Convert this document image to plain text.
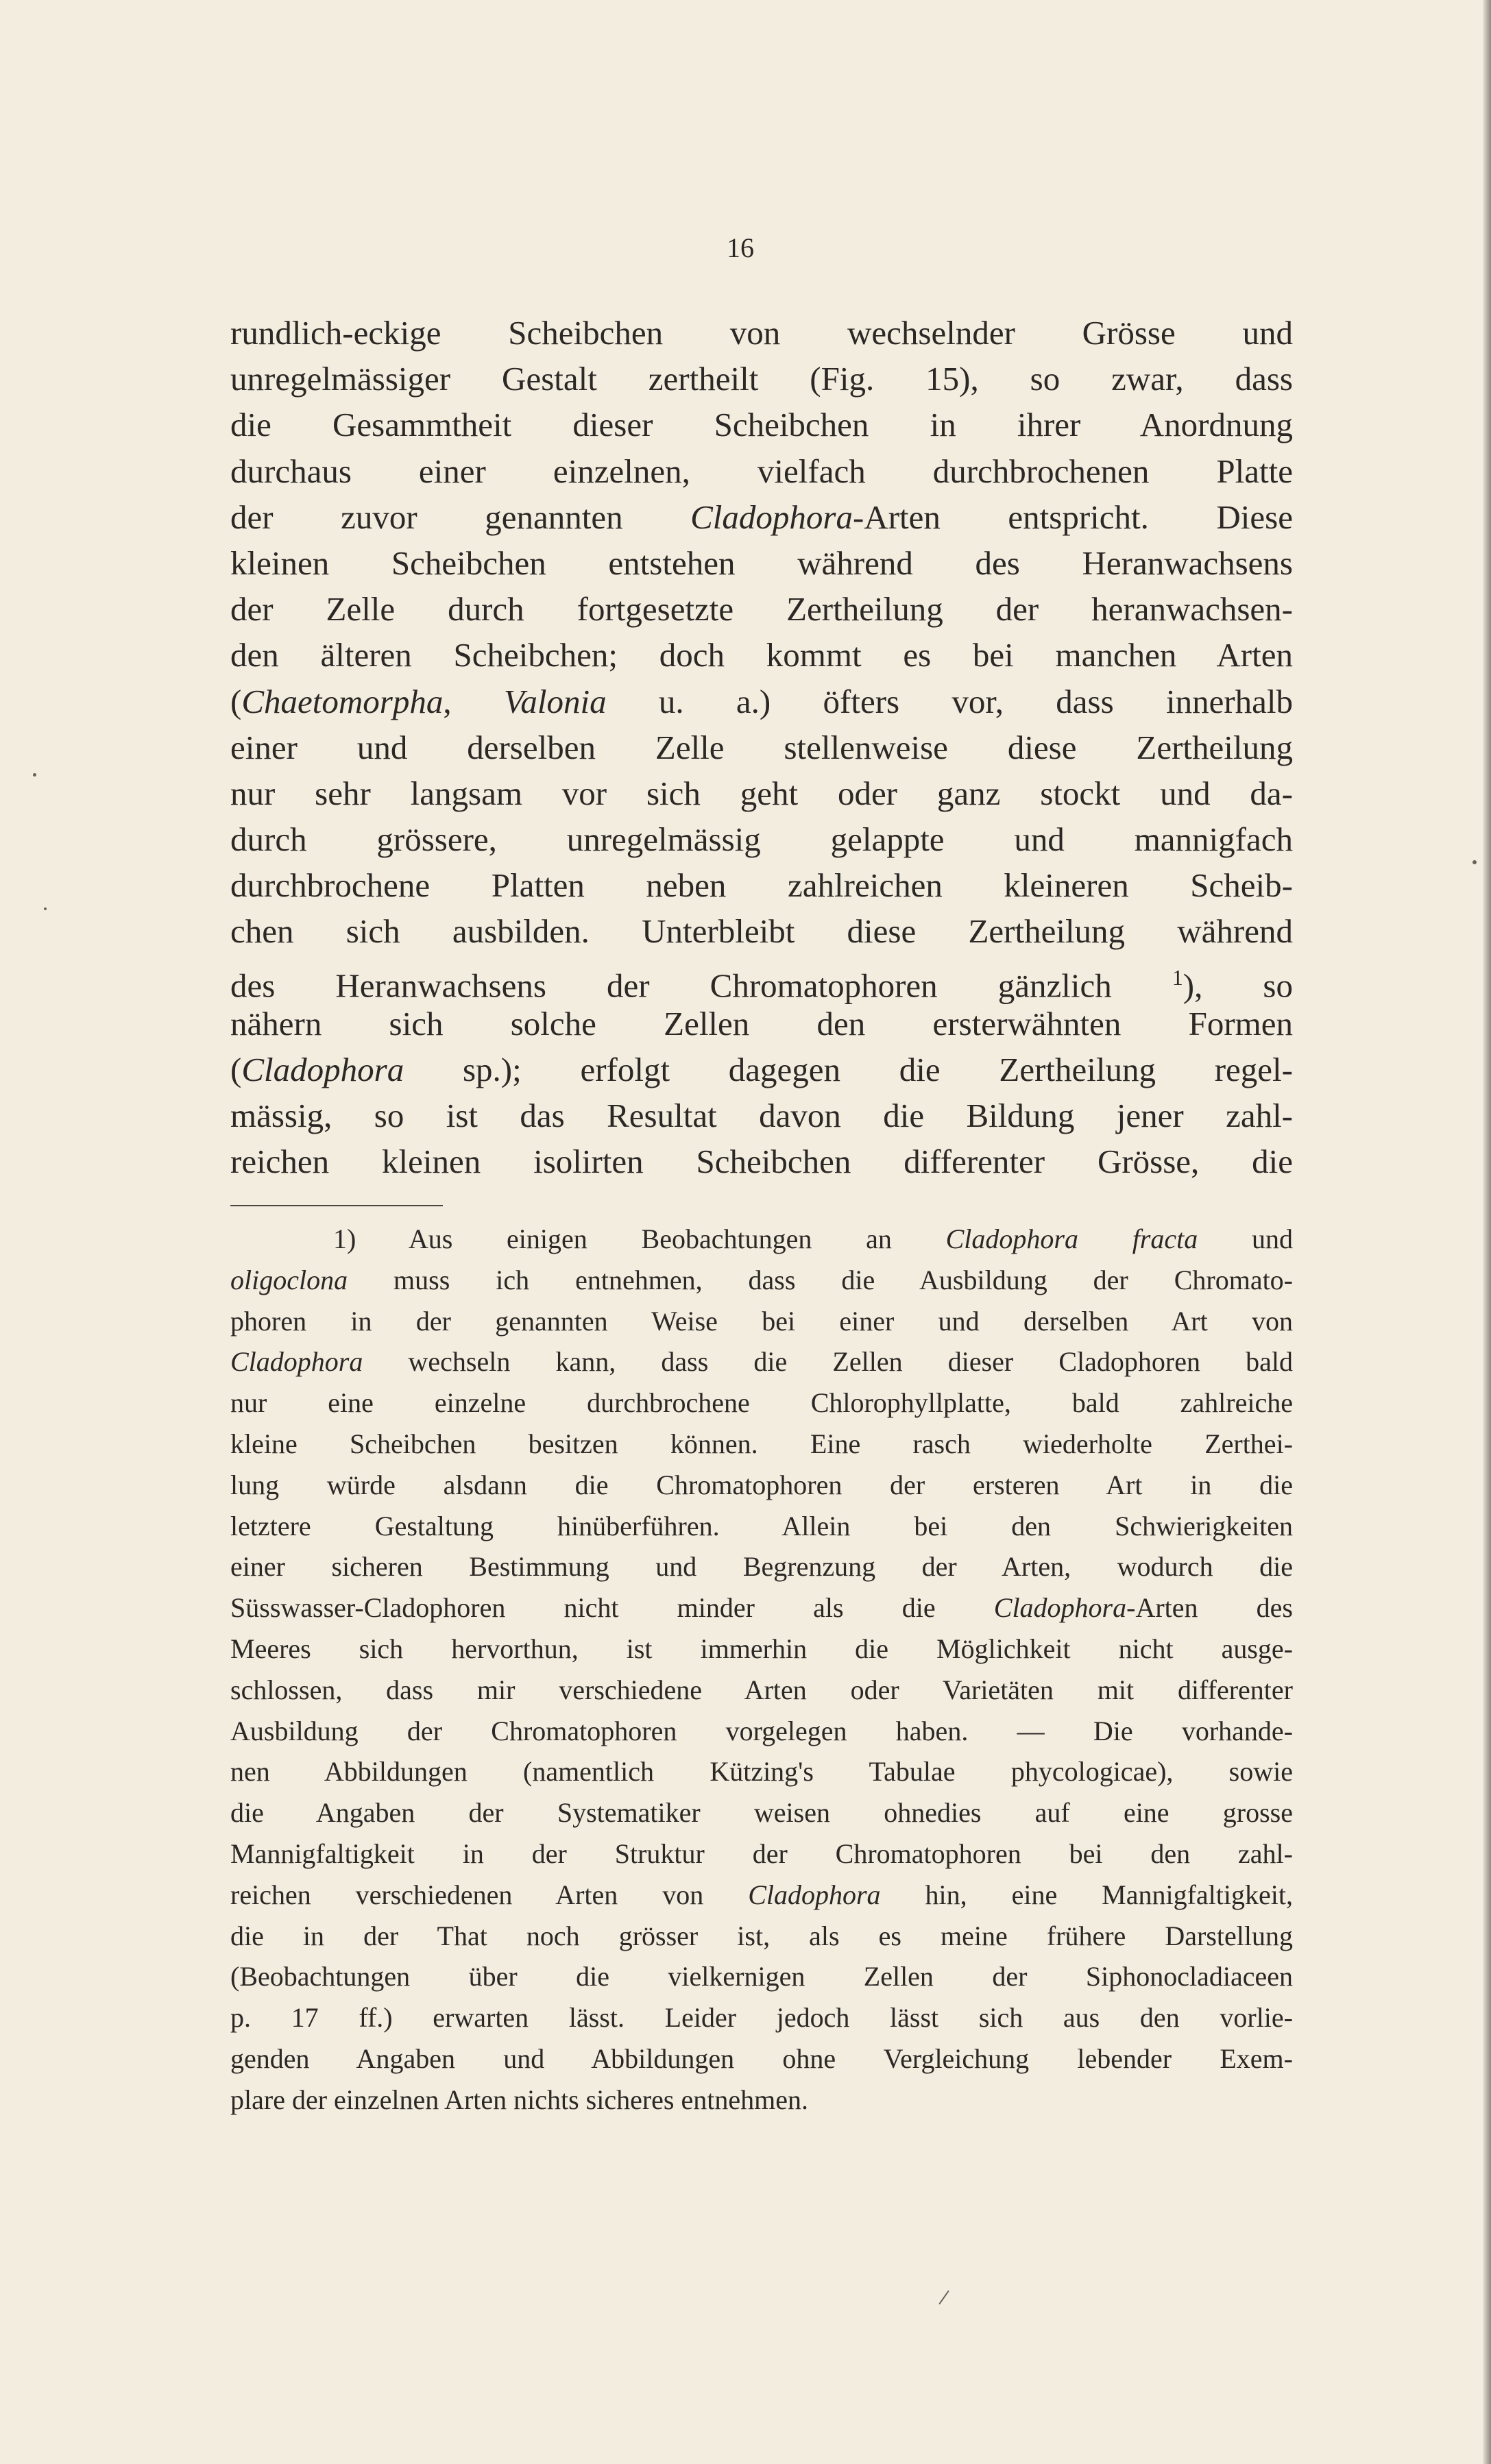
16
rundlich-eckige Scheibchen von wechselnder Grösse und
unregelmässiger Gestalt zertheilt (Fig. 15), so zwar, dass
die Gesammtheit dieser Scheibchen in ihrer Anordnung
durchaus einer einzelnen, vielfach durchbrochenen Platte
der zuvor genannten Cladophora-Arten entspricht. Diese
kleinen Scheibchen entstehen während des Heranwachsens
der Zelle durch fortgesetzte Zertheilung der heranwachsen-
den älteren Scheibchen; doch kommt es bei manchen Arten
(Chaetomorpha, Valonia u. a.) öfters vor, dass innerhalb
einer und derselben Zelle stellenweise diese Zertheilung
nur sehr langsam vor sich geht oder ganz stockt und da-
durch grössere, unregelmässig gelappte und mannigfach
durchbrochene Platten neben zahlreichen kleineren Scheib-
chen sich ausbilden. Unterbleibt diese Zertheilung während
des Heranwachsens der Chromatophoren gänzlich $^1$), so
nähern sich solche Zellen den ersterwähnten Formen
(Cladophora sp.); erfolgt dagegen die Zertheilung regel-
mässig, so ist das Resultat davon die Bildung jener zahl-
reichen kleinen isolirten Scheibchen differenter Grösse, die
1) Aus einigen Beobachtungen an Cladophora fracta und
oligoclona muss ich entnehmen, dass die Ausbildung der Chromato-
phoren in der genannten Weise bei einer und derselben Art von
Cladophora wechseln kann, dass die Zellen dieser Cladophoren bald
nur eine einzelne durchbrochene Chlorophyllplatte, bald zahlreiche
kleine Scheibchen besitzen können. Eine rasch wiederholte Zerthei-
lung würde alsdann die Chromatophoren der ersteren Art in die
letztere Gestaltung hinüberführen. Allein bei den Schwierigkeiten
einer sicheren Bestimmung und Begrenzung der Arten, wodurch die
Süsswasser-Cladophoren nicht minder als die Cladophora-Arten des
Meeres sich hervorthun, ist immerhin die Möglichkeit nicht ausge-
schlossen, dass mir verschiedene Arten oder Varietäten mit differenter
Ausbildung der Chromatophoren vorgelegen haben. — Die vorhande-
nen Abbildungen (namentlich Kützing's Tabulae phycologicae), sowie
die Angaben der Systematiker weisen ohnedies auf eine grosse
Mannigfaltigkeit in der Struktur der Chromatophoren bei den zahl-
reichen verschiedenen Arten von Cladophora hin, eine Mannigfaltigkeit,
die in der That noch grösser ist, als es meine frühere Darstellung
(Beobachtungen über die vielkernigen Zellen der Siphonocladiaceen
p. 17 ff.) erwarten lässt. Leider jedoch lässt sich aus den vorlie-
genden Angaben und Abbildungen ohne Vergleichung lebender Exem-
plare der einzelnen Arten nichts sicheres entnehmen.
